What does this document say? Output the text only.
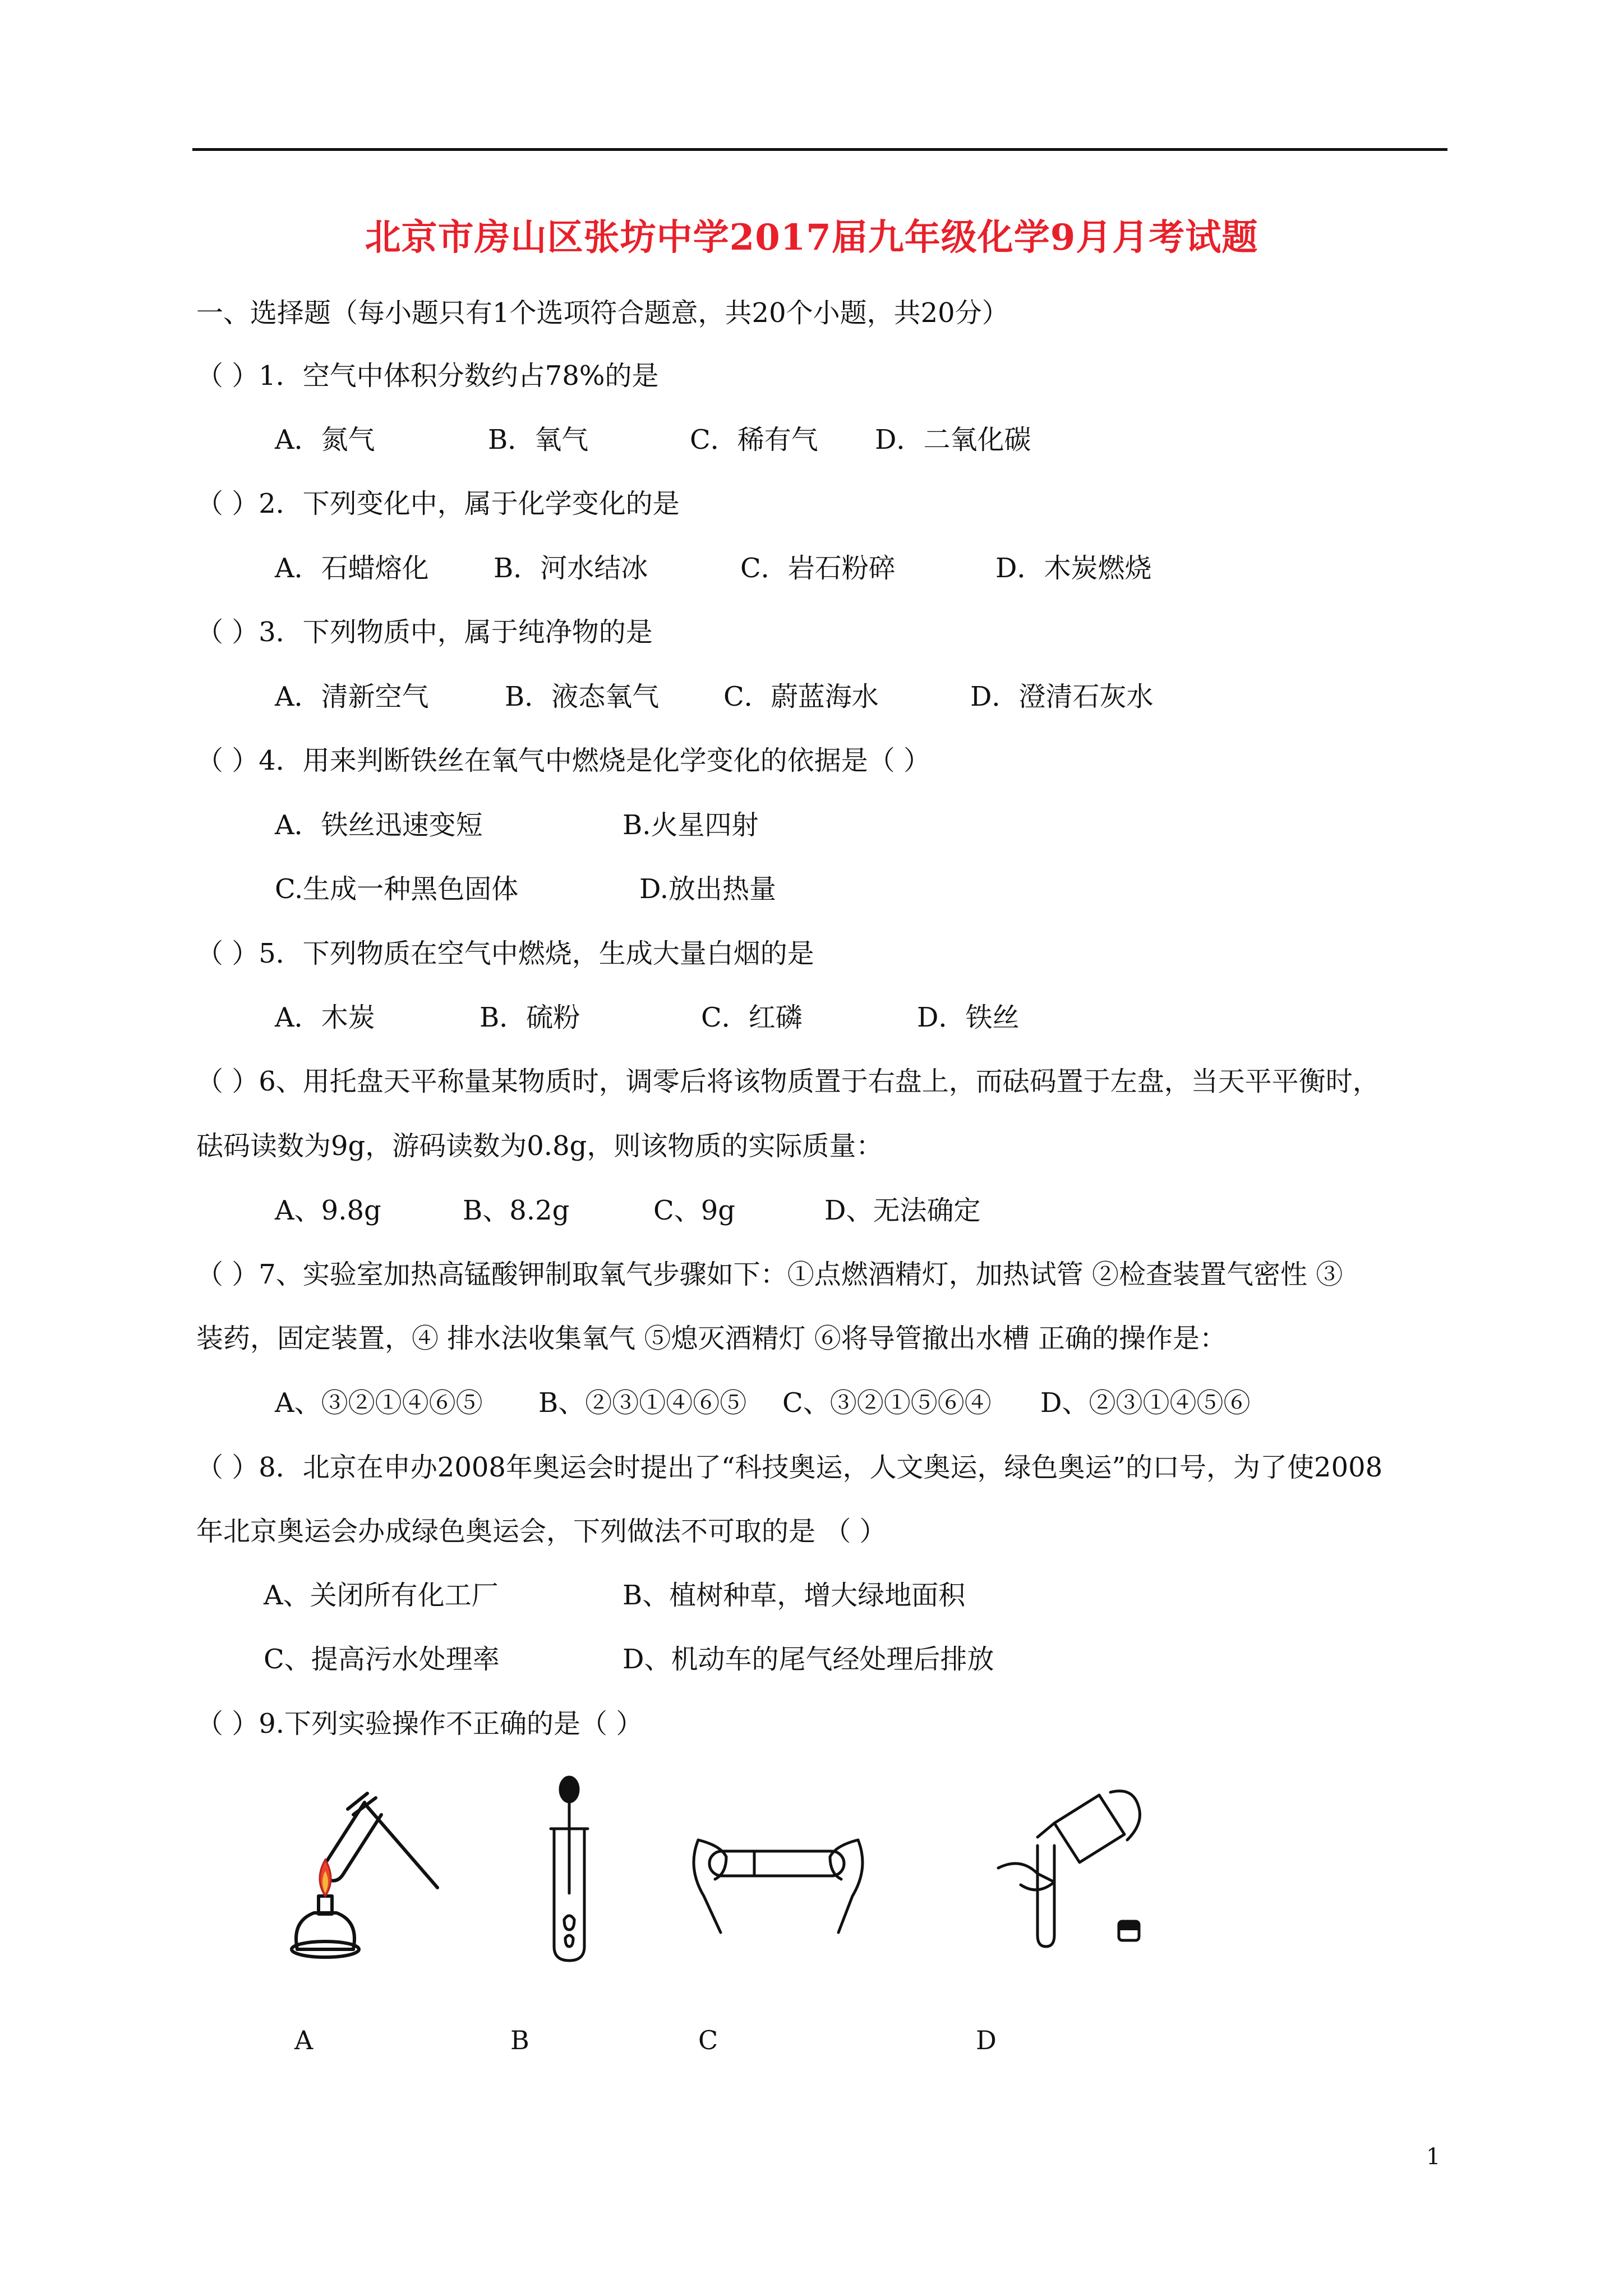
北京市房山区张坊中学2017届九年级化学9月月考试题
一、选择题（每小题只有1个选项符合题意，共20个小题，共20分）
（ ）1．空气中体积分数约占78%的是
A．氮气	B．氧气	C．稀有气 D．二氧化碳
（ ）2．下列变化中，属于化学变化的是
A．石蜡熔化 B．河水结冰	C．岩石粉碎	D．木炭燃烧
（ ）3．下列物质中，属于纯净物的是
A．清新空气	B．液态氧气 C．蔚蓝海水	D．澄清石灰水
（ ）4．用来判断铁丝在氧气中燃烧是化学变化的依据是（ ）
A．铁丝迅速变短	B.火星四射
C.生成一种黑色固体	D.放出热量
（ ）5．下列物质在空气中燃烧，生成大量白烟的是
A．木炭	B．硫粉	C．红磷	D．铁丝
（ ）6、用托盘天平称量某物质时，调零后将该物质置于右盘上，而砝码置于左盘，当天平平衡时，
砝码读数为9g，游码读数为0.8g，则该物质的实际质量：
A、9.8g	B、8.2g	C、9g	D、无法确定
（ ）7、实验室加热高锰酸钾制取氧气步骤如下：①点燃酒精灯，加热试管 ②检查装置气密性 ③
装药，固定装置，④ 排水法收集氧气 ⑤熄灭酒精灯 ⑥将导管撤出水槽 正确的操作是：
A、③②①④⑥⑤ B、②③①④⑥⑤ C、③②①⑤⑥④ D、②③①④⑤⑥
（ ）8．北京在申办2008年奥运会时提出了“科技奥运，人文奥运，绿色奥运”的口号，为了使2008
年北京奥运会办成绿色奥运会，下列做法不可取的是 （ ）
A、关闭所有化工厂	B、植树种草，增大绿地面积
C、提高污水处理率	D、机动车的尾气经处理后排放
（ ）9.下列实验操作不正确的是（ ）
A	B	C	D
1
